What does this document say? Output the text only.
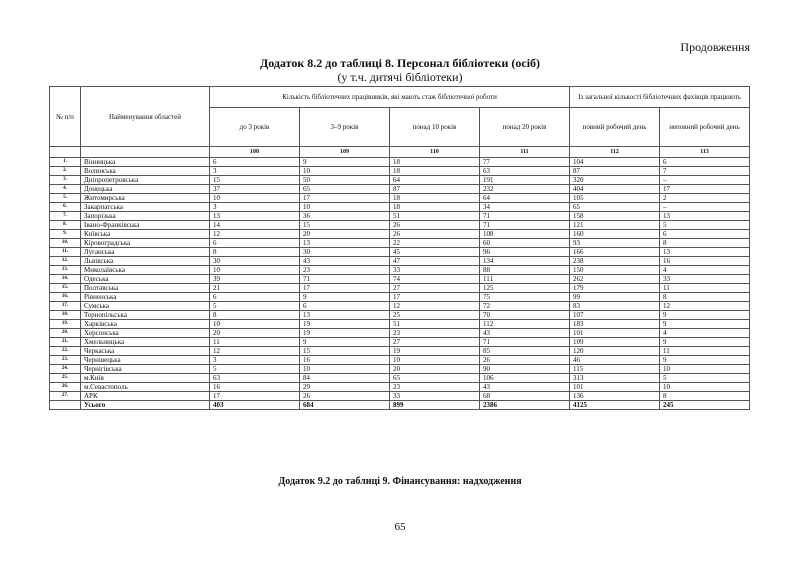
Продовження
Додаток 8.2 до таблиці 8. Персонал бібліотеки (осіб)
(у т.ч. дитячі бібліотеки)
№ п/п	Найменування областей	Кількість бібліотечних працівників, які мають стаж бібліотечної роботи				Із загальної кількості бібліотечних фахівців працюють	
		до 3 років	3–9 років	понад 10 років	понад 20 років	повний робочий день	неповний робочий день
		108	109	110	111	112	113
1.	Вінницька	6	9	18	77	104	6
2.	Волинська	3	10	18	63	87	7
3.	Дніпропетровська	15	50	64	191	320	–
4.	Донецька	37	65	87	232	404	17
5.	Житомирська	10	17	18	64	105	2
6.	Закарпатська	3	10	18	34	65	–
7.	Запорізька	13	36	51	71	158	13
8.	Івано-Франківська	14	15	26	71	121	5
9.	Київська	12	20	26	108	160	6
10.	Кіровоградська	6	13	22	60	93	8
11.	Луганська	8	30	45	96	166	13
12.	Львівська	30	43	47	134	238	16
13.	Миколаївська	10	23	33	88	150	4
14.	Одеська	39	71	74	111	262	33
15.	Полтавська	21	17	27	125	179	11
16.	Рівненська	6	9	17	75	99	8
17.	Сумська	5	6	12	72	83	12
18.	Тернопільська	8	13	25	70	107	9
19.	Харківська	10	19	51	112	183	9
20.	Херсонська	20	19	23	43	101	4
21.	Хмельницька	11	9	27	71	109	9
22.	Черкаська	12	15	19	85	120	11
23.	Чернівецька	3	16	10	26	46	9
24.	Чернігівська	5	10	20	90	115	10
25.	м.Київ	63	84	65	106	313	5
26.	м.Севастополь	16	29	23	43	101	10
27.	АРК	17	26	33	68	136	8
	Усього	403	684	899	2386	4125	245
Додаток 9.2 до таблиці 9. Фінансування: надходження
65
